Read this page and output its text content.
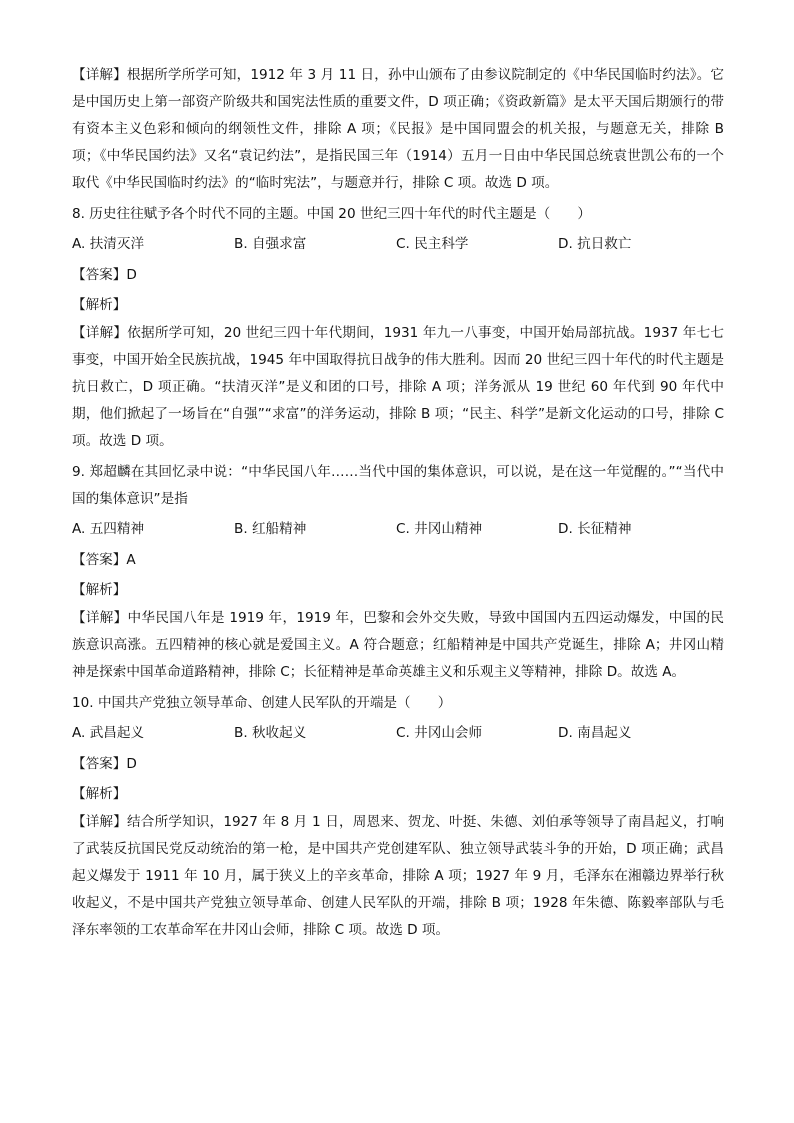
【详解】根据所学所学可知，1912 年 3 月 11 日，孙中山颁布了由参议院制定的《中华民国临时约法》。它是中国历史上第一部资产阶级共和国宪法性质的重要文件，D 项正确；《资政新篇》是太平天国后期颁行的带有资本主义色彩和倾向的纲领性文件，排除 A 项；《民报》是中国同盟会的机关报，与题意无关，排除 B 项；《中华民国约法》又名“袁记约法”，是指民国三年（1914）五月一日由中华民国总统袁世凯公布的一个取代《中华民国临时约法》的“临时宪法”，与题意并行，排除 C 项。故选 D 项。

8. 历史往往赋予各个时代不同的主题。中国 20 世纪三四十年代的时代主题是（　　）

A. 扶清灭洋	B. 自强求富	C. 民主科学	D. 抗日救亡

【答案】D

【解析】

【详解】依据所学可知，20 世纪三四十年代期间，1931 年九一八事变，中国开始局部抗战。1937 年七七事变，中国开始全民族抗战，1945 年中国取得抗日战争的伟大胜利。因而 20 世纪三四十年代的时代主题是抗日救亡，D 项正确。“扶清灭洋”是义和团的口号，排除 A 项；洋务派从 19 世纪 60 年代到 90 年代中期，他们掀起了一场旨在“自强”“求富”的洋务运动，排除 B 项；“民主、科学”是新文化运动的口号，排除 C 项。故选 D 项。

9. 郑超麟在其回忆录中说：“中华民国八年……当代中国的集体意识，可以说，是在这一年觉醒的。”“当代中国的集体意识”是指

A. 五四精神	B. 红船精神	C. 井冈山精神	D. 长征精神

【答案】A

【解析】

【详解】中华民国八年是 1919 年，1919 年，巴黎和会外交失败，导致中国国内五四运动爆发，中国的民族意识高涨。五四精神的核心就是爱国主义。A 符合题意；红船精神是中国共产党诞生，排除 A；井冈山精神是探索中国革命道路精神，排除 C；长征精神是革命英雄主义和乐观主义等精神，排除 D。故选 A。

10. 中国共产党独立领导革命、创建人民军队的开端是（　　）

A. 武昌起义	B. 秋收起义	C. 井冈山会师	D. 南昌起义

【答案】D

【解析】

【详解】结合所学知识，1927 年 8 月 1 日，周恩来、贺龙、叶挺、朱德、刘伯承等领导了南昌起义，打响了武装反抗国民党反动统治的第一枪，是中国共产党创建军队、独立领导武装斗争的开始，D 项正确；武昌起义爆发于 1911 年 10 月，属于狭义上的辛亥革命，排除 A 项；1927 年 9 月，毛泽东在湘赣边界举行秋收起义，不是中国共产党独立领导革命、创建人民军队的开端，排除 B 项；1928 年朱德、陈毅率部队与毛泽东率领的工农革命军在井冈山会师，排除 C 项。故选 D 项。
